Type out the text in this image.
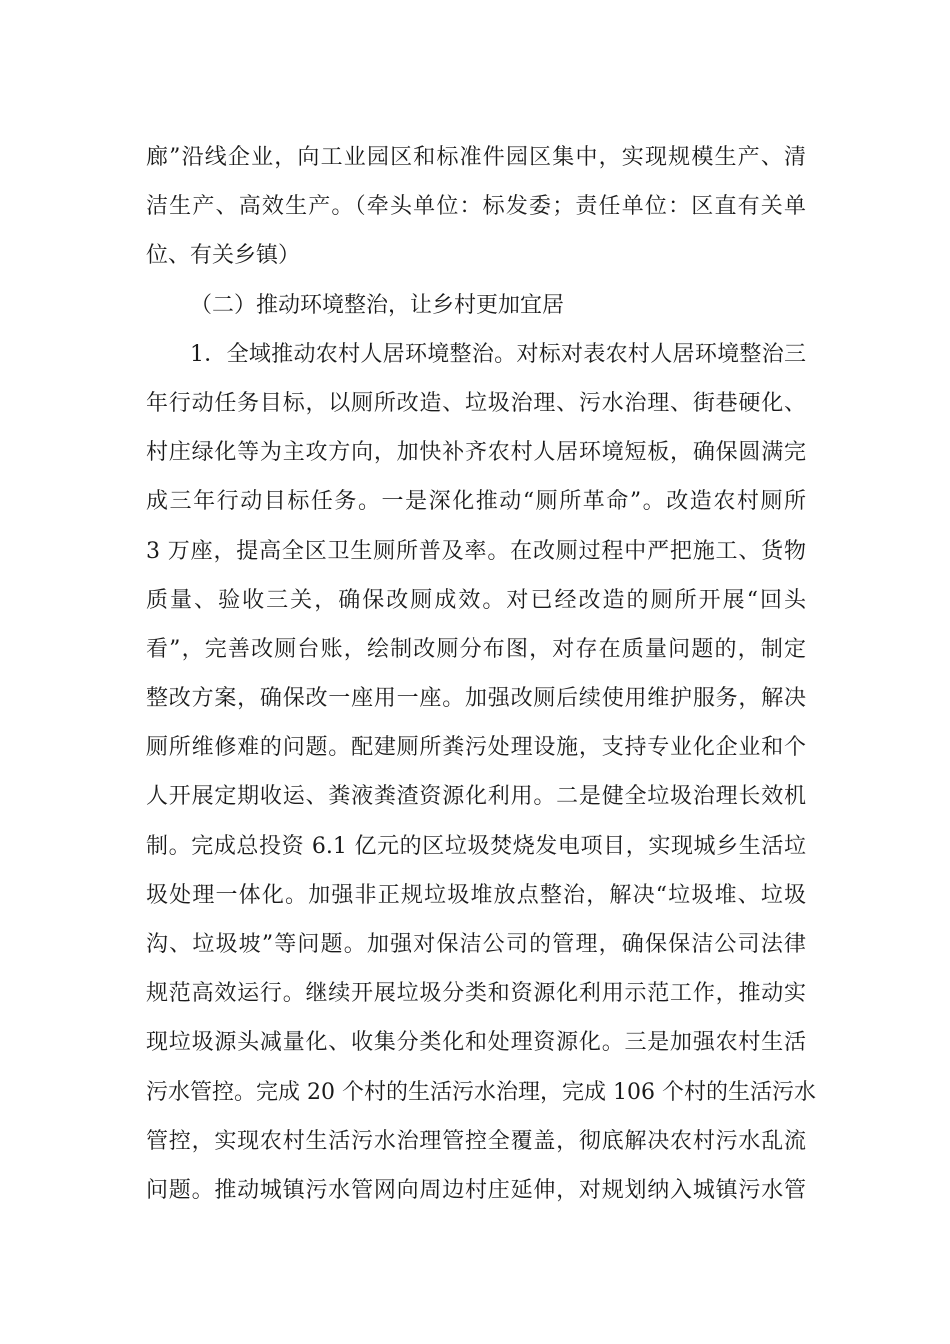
廊”沿线企业，向工业园区和标准件园区集中，实现规模生产、清
洁生产、高效生产。（牵头单位：标发委；责任单位：区直有关单
位、有关乡镇）
（二）推动环境整治，让乡村更加宜居
1．全域推动农村人居环境整治。对标对表农村人居环境整治三
年行动任务目标，以厕所改造、垃圾治理、污水治理、街巷硬化、
村庄绿化等为主攻方向，加快补齐农村人居环境短板，确保圆满完
成三年行动目标任务。一是深化推动“厕所革命”。改造农村厕所
3 万座，提高全区卫生厕所普及率。在改厕过程中严把施工、货物
质量、验收三关，确保改厕成效。对已经改造的厕所开展“回头
看”，完善改厕台账，绘制改厕分布图，对存在质量问题的，制定
整改方案，确保改一座用一座。加强改厕后续使用维护服务，解决
厕所维修难的问题。配建厕所粪污处理设施，支持专业化企业和个
人开展定期收运、粪液粪渣资源化利用。二是健全垃圾治理长效机
制。完成总投资 6.1 亿元的区垃圾焚烧发电项目，实现城乡生活垃
圾处理一体化。加强非正规垃圾堆放点整治，解决“垃圾堆、垃圾
沟、垃圾坡”等问题。加强对保洁公司的管理，确保保洁公司法律
规范高效运行。继续开展垃圾分类和资源化利用示范工作，推动实
现垃圾源头减量化、收集分类化和处理资源化。三是加强农村生活
污水管控。完成 20 个村的生活污水治理，完成 106 个村的生活污水
管控，实现农村生活污水治理管控全覆盖，彻底解决农村污水乱流
问题。推动城镇污水管网向周边村庄延伸，对规划纳入城镇污水管
